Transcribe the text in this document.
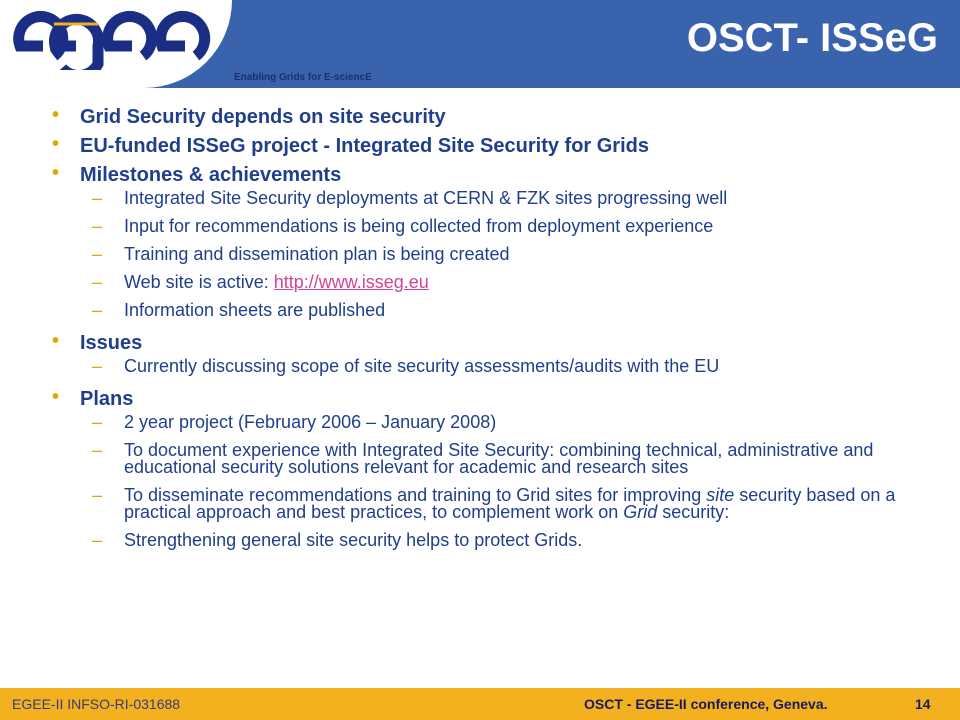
Enabling Grids for E-sciencE
OSCT- ISSeG
• Grid Security depends on site security
• EU-funded ISSeG project - Integrated Site Security for Grids
• Milestones & achievements
– Integrated Site Security deployments at CERN & FZK sites progressing well
– Input for recommendations is being collected from deployment experience
– Training and dissemination plan is being created
– Web site is active: http://www.isseg.eu
– Information sheets are published
• Issues
– Currently discussing scope of site security assessments/audits with the EU
• Plans
– 2 year project (February 2006 – January 2008)
– To document experience with Integrated Site Security: combining technical, administrative and educational security solutions relevant for academic and research sites
– To disseminate recommendations and training to Grid sites for improving site security based on a practical approach and best practices, to complement work on Grid security:
– Strengthening general site security helps to protect Grids.
EGEE-II INFSO-RI-031688	OSCT - EGEE-II conference, Geneva.	14
